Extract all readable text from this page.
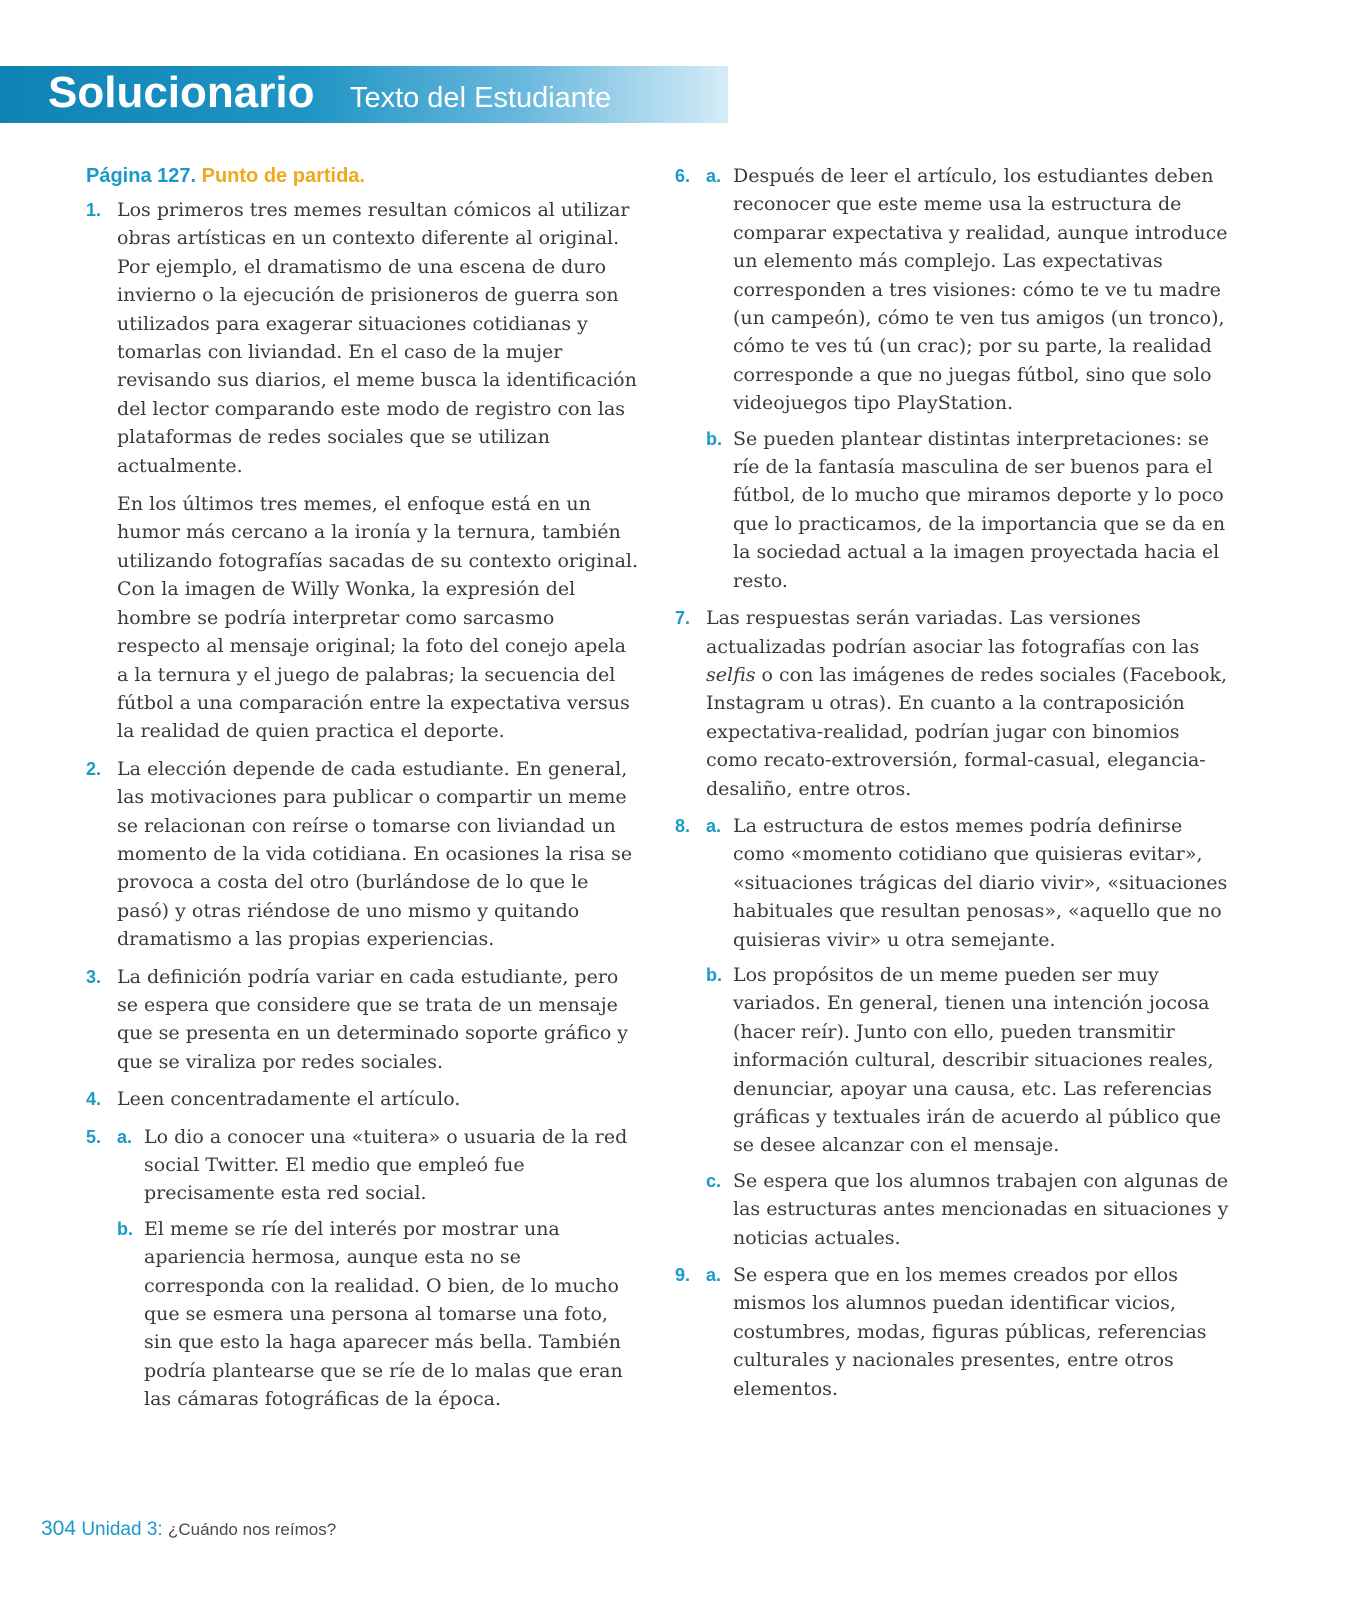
Solucionario Texto del Estudiante
Página 127. Punto de partida.
1. Los primeros tres memes resultan cómicos al utilizar obras artísticas en un contexto diferente al original. Por ejemplo, el dramatismo de una escena de duro invierno o la ejecución de prisioneros de guerra son utilizados para exagerar situaciones cotidianas y tomarlas con liviandad. En el caso de la mujer revisando sus diarios, el meme busca la identificación del lector comparando este modo de registro con las plataformas de redes sociales que se utilizan actualmente.

En los últimos tres memes, el enfoque está en un humor más cercano a la ironía y la ternura, también utilizando fotografías sacadas de su contexto original. Con la imagen de Willy Wonka, la expresión del hombre se podría interpretar como sarcasmo respecto al mensaje original; la foto del conejo apela a la ternura y el juego de palabras; la secuencia del fútbol a una comparación entre la expectativa versus la realidad de quien practica el deporte.

2. La elección depende de cada estudiante. En general, las motivaciones para publicar o compartir un meme se relacionan con reírse o tomarse con liviandad un momento de la vida cotidiana. En ocasiones la risa se provoca a costa del otro (burlándose de lo que le pasó) y otras riéndose de uno mismo y quitando dramatismo a las propias experiencias.

3. La definición podría variar en cada estudiante, pero se espera que considere que se trata de un mensaje que se presenta en un determinado soporte gráfico y que se viraliza por redes sociales.

4. Leen concentradamente el artículo.

5. a. Lo dio a conocer una «tuitera» o usuaria de la red social Twitter. El medio que empleó fue precisamente esta red social.

b. El meme se ríe del interés por mostrar una apariencia hermosa, aunque esta no se corresponda con la realidad. O bien, de lo mucho que se esmera una persona al tomarse una foto, sin que esto la haga aparecer más bella. También podría plantearse que se ríe de lo malas que eran las cámaras fotográficas de la época.

6. a. Después de leer el artículo, los estudiantes deben reconocer que este meme usa la estructura de comparar expectativa y realidad, aunque introduce un elemento más complejo. Las expectativas corresponden a tres visiones: cómo te ve tu madre (un campeón), cómo te ven tus amigos (un tronco), cómo te ves tú (un crac); por su parte, la realidad corresponde a que no juegas fútbol, sino que solo videojuegos tipo PlayStation.

b. Se pueden plantear distintas interpretaciones: se ríe de la fantasía masculina de ser buenos para el fútbol, de lo mucho que miramos deporte y lo poco que lo practicamos, de la importancia que se da en la sociedad actual a la imagen proyectada hacia el resto.

7. Las respuestas serán variadas. Las versiones actualizadas podrían asociar las fotografías con las selfis o con las imágenes de redes sociales (Facebook, Instagram u otras). En cuanto a la contraposición expectativa-realidad, podrían jugar con binomios como recato-extroversión, formal-casual, elegancia-desaliño, entre otros.

8. a. La estructura de estos memes podría definirse como «momento cotidiano que quisieras evitar», «situaciones trágicas del diario vivir», «situaciones habituales que resultan penosas», «aquello que no quisieras vivir» u otra semejante.

b. Los propósitos de un meme pueden ser muy variados. En general, tienen una intención jocosa (hacer reír). Junto con ello, pueden transmitir información cultural, describir situaciones reales, denunciar, apoyar una causa, etc. Las referencias gráficas y textuales irán de acuerdo al público que se desee alcanzar con el mensaje.

c. Se espera que los alumnos trabajen con algunas de las estructuras antes mencionadas en situaciones y noticias actuales.

9. a. Se espera que en los memes creados por ellos mismos los alumnos puedan identificar vicios, costumbres, modas, figuras públicas, referencias culturales y nacionales presentes, entre otros elementos.

304 Unidad 3: ¿Cuándo nos reímos?
